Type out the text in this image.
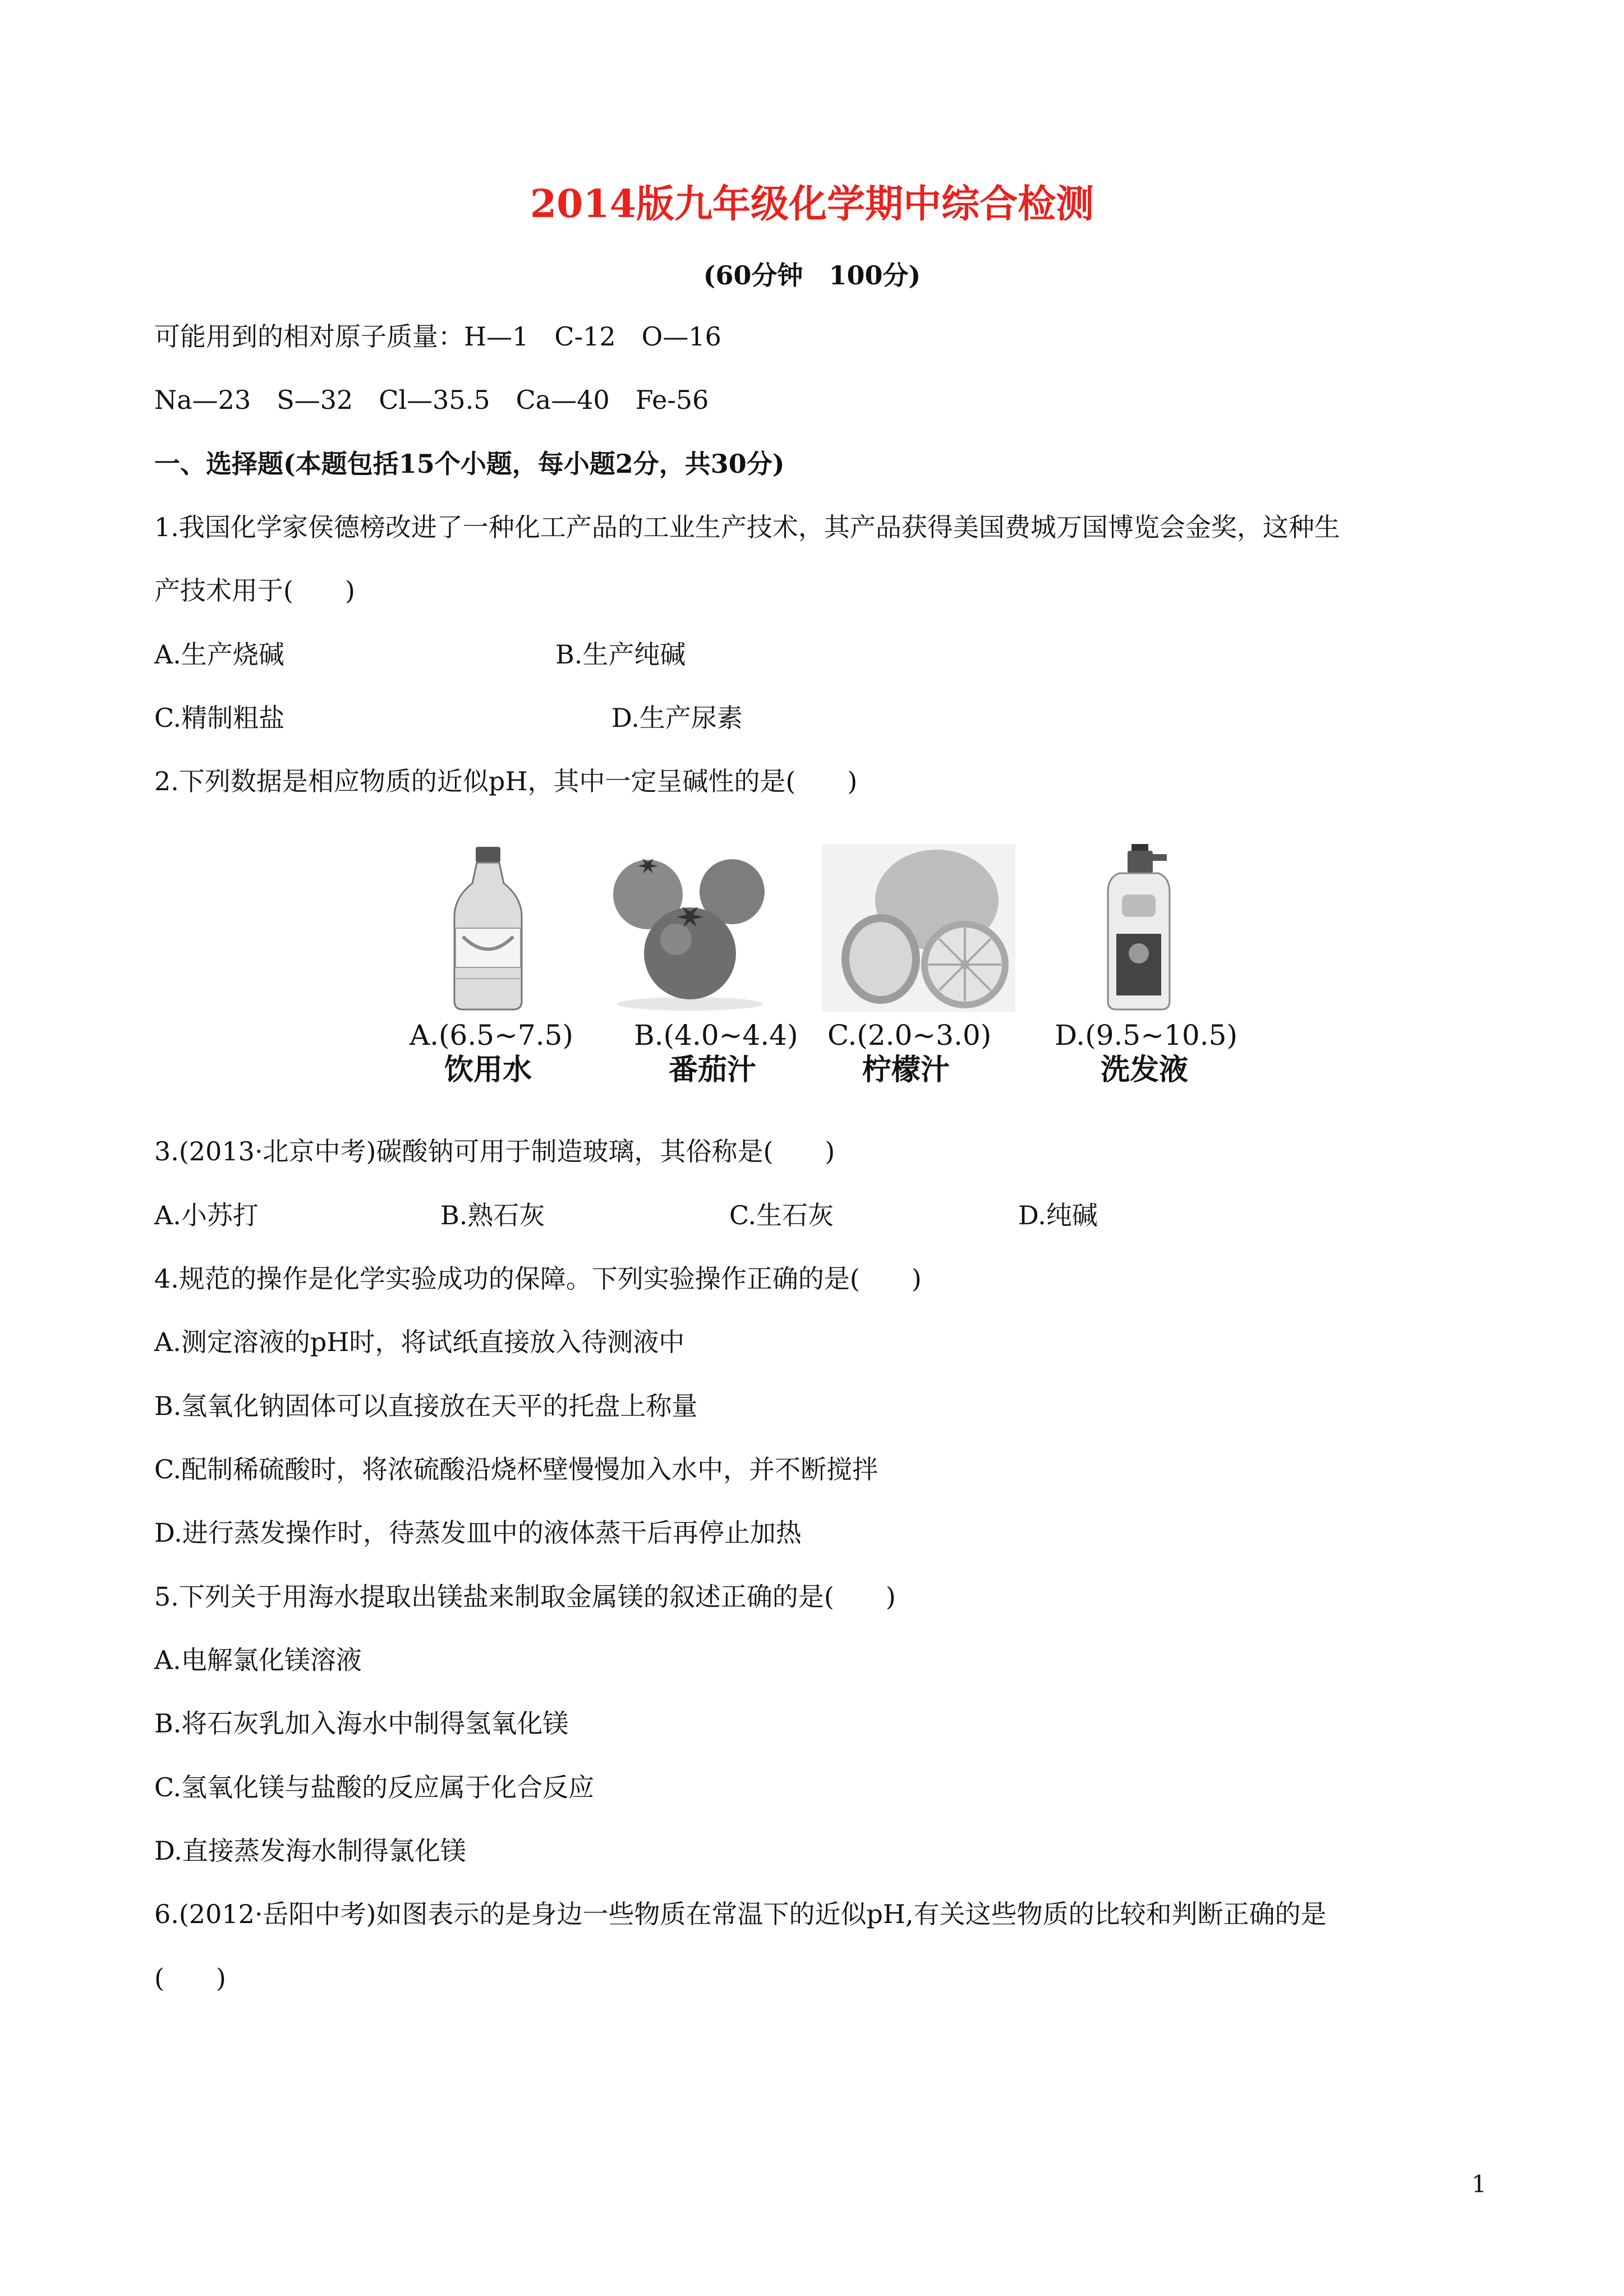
2014版九年级化学期中综合检测
(60分钟　100分)
可能用到的相对原子质量：H—1　C-12　O—16
Na—23　S—32　Cl—35.5　Ca—40　Fe-56
一、选择题(本题包括15个小题，每小题2分，共30分)
1.我国化学家侯德榜改进了一种化工产品的工业生产技术，其产品获得美国费城万国博览会金奖，这种生
产技术用于(　　)
A.生产烧碱	B.生产纯碱
C.精制粗盐	D.生产尿素
2.下列数据是相应物质的近似pH，其中一定呈碱性的是(　　)
A.(6.5~7.5)
饮用水
B.(4.0~4.4)
番茄汁
C.(2.0~3.0)
柠檬汁
D.(9.5~10.5)
洗发液
3.(2013·北京中考)碳酸钠可用于制造玻璃，其俗称是(　　)
A.小苏打	B.熟石灰	C.生石灰	D.纯碱
4.规范的操作是化学实验成功的保障。下列实验操作正确的是(　　)
A.测定溶液的pH时，将试纸直接放入待测液中
B.氢氧化钠固体可以直接放在天平的托盘上称量
C.配制稀硫酸时，将浓硫酸沿烧杯壁慢慢加入水中，并不断搅拌
D.进行蒸发操作时，待蒸发皿中的液体蒸干后再停止加热
5.下列关于用海水提取出镁盐来制取金属镁的叙述正确的是(　　)
A.电解氯化镁溶液
B.将石灰乳加入海水中制得氢氧化镁
C.氢氧化镁与盐酸的反应属于化合反应
D.直接蒸发海水制得氯化镁
6.(2012·岳阳中考)如图表示的是身边一些物质在常温下的近似pH,有关这些物质的比较和判断正确的是
(　　)
1
